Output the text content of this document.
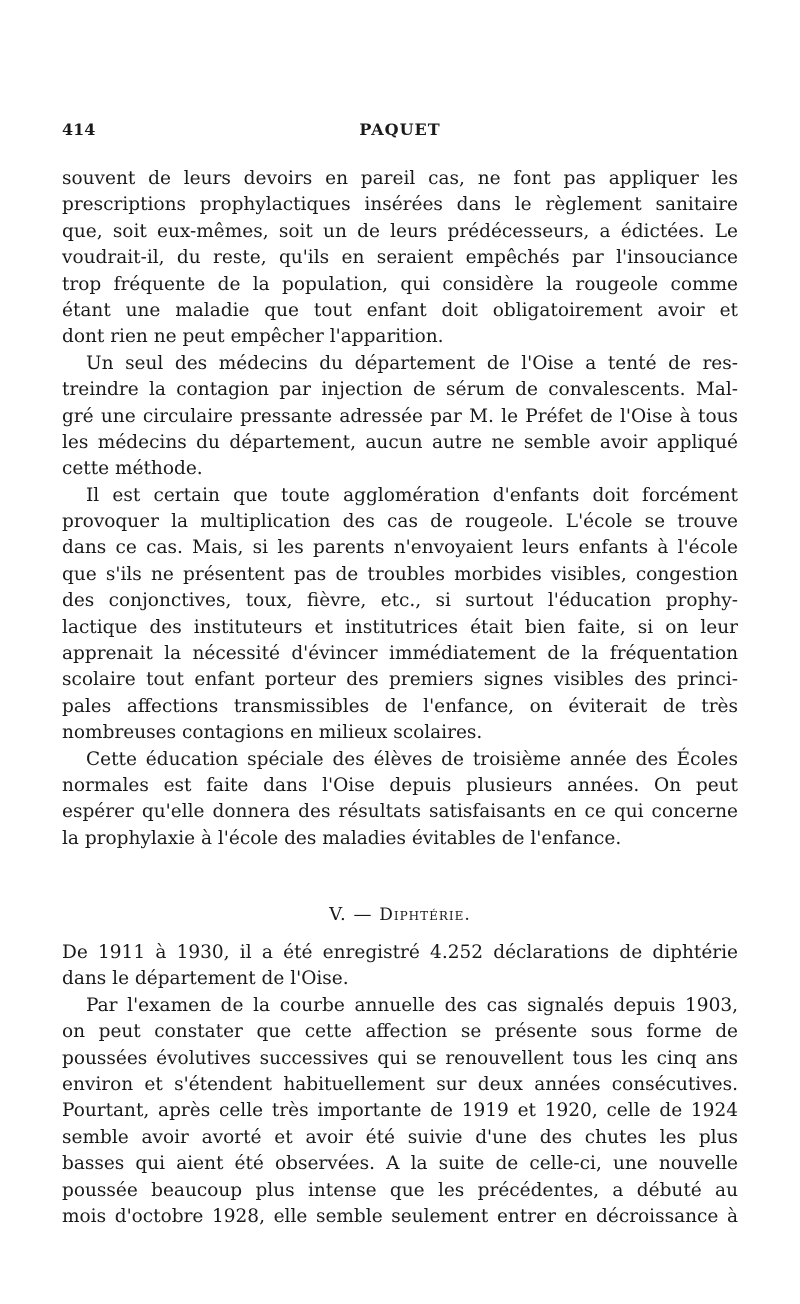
414	PAQUET
souvent de leurs devoirs en pareil cas, ne font pas appliquer les
prescriptions prophylactiques insérées dans le règlement sanitaire
que, soit eux-mêmes, soit un de leurs prédécesseurs, a édictées. Le
voudrait-il, du reste, qu'ils en seraient empêchés par l'insouciance
trop fréquente de la population, qui considère la rougeole comme
étant une maladie que tout enfant doit obligatoirement avoir et
dont rien ne peut empêcher l'apparition.
Un seul des médecins du département de l'Oise a tenté de res-
treindre la contagion par injection de sérum de convalescents. Mal-
gré une circulaire pressante adressée par M. le Préfet de l'Oise à tous
les médecins du département, aucun autre ne semble avoir appliqué
cette méthode.
Il est certain que toute agglomération d'enfants doit forcément
provoquer la multiplication des cas de rougeole. L'école se trouve
dans ce cas. Mais, si les parents n'envoyaient leurs enfants à l'école
que s'ils ne présentent pas de troubles morbides visibles, congestion
des conjonctives, toux, fièvre, etc., si surtout l'éducation prophy-
lactique des instituteurs et institutrices était bien faite, si on leur
apprenait la nécessité d'évincer immédiatement de la fréquentation
scolaire tout enfant porteur des premiers signes visibles des princi-
pales affections transmissibles de l'enfance, on éviterait de très
nombreuses contagions en milieux scolaires.
Cette éducation spéciale des élèves de troisième année des Écoles
normales est faite dans l'Oise depuis plusieurs années. On peut
espérer qu'elle donnera des résultats satisfaisants en ce qui concerne
la prophylaxie à l'école des maladies évitables de l'enfance.
V. — Diphtérie.
De 1911 à 1930, il a été enregistré 4.252 déclarations de diphtérie
dans le département de l'Oise.
Par l'examen de la courbe annuelle des cas signalés depuis 1903,
on peut constater que cette affection se présente sous forme de
poussées évolutives successives qui se renouvellent tous les cinq ans
environ et s'étendent habituellement sur deux années consécutives.
Pourtant, après celle très importante de 1919 et 1920, celle de 1924
semble avoir avorté et avoir été suivie d'une des chutes les plus
basses qui aient été observées. A la suite de celle-ci, une nouvelle
poussée beaucoup plus intense que les précédentes, a débuté au
mois d'octobre 1928, elle semble seulement entrer en décroissance à
